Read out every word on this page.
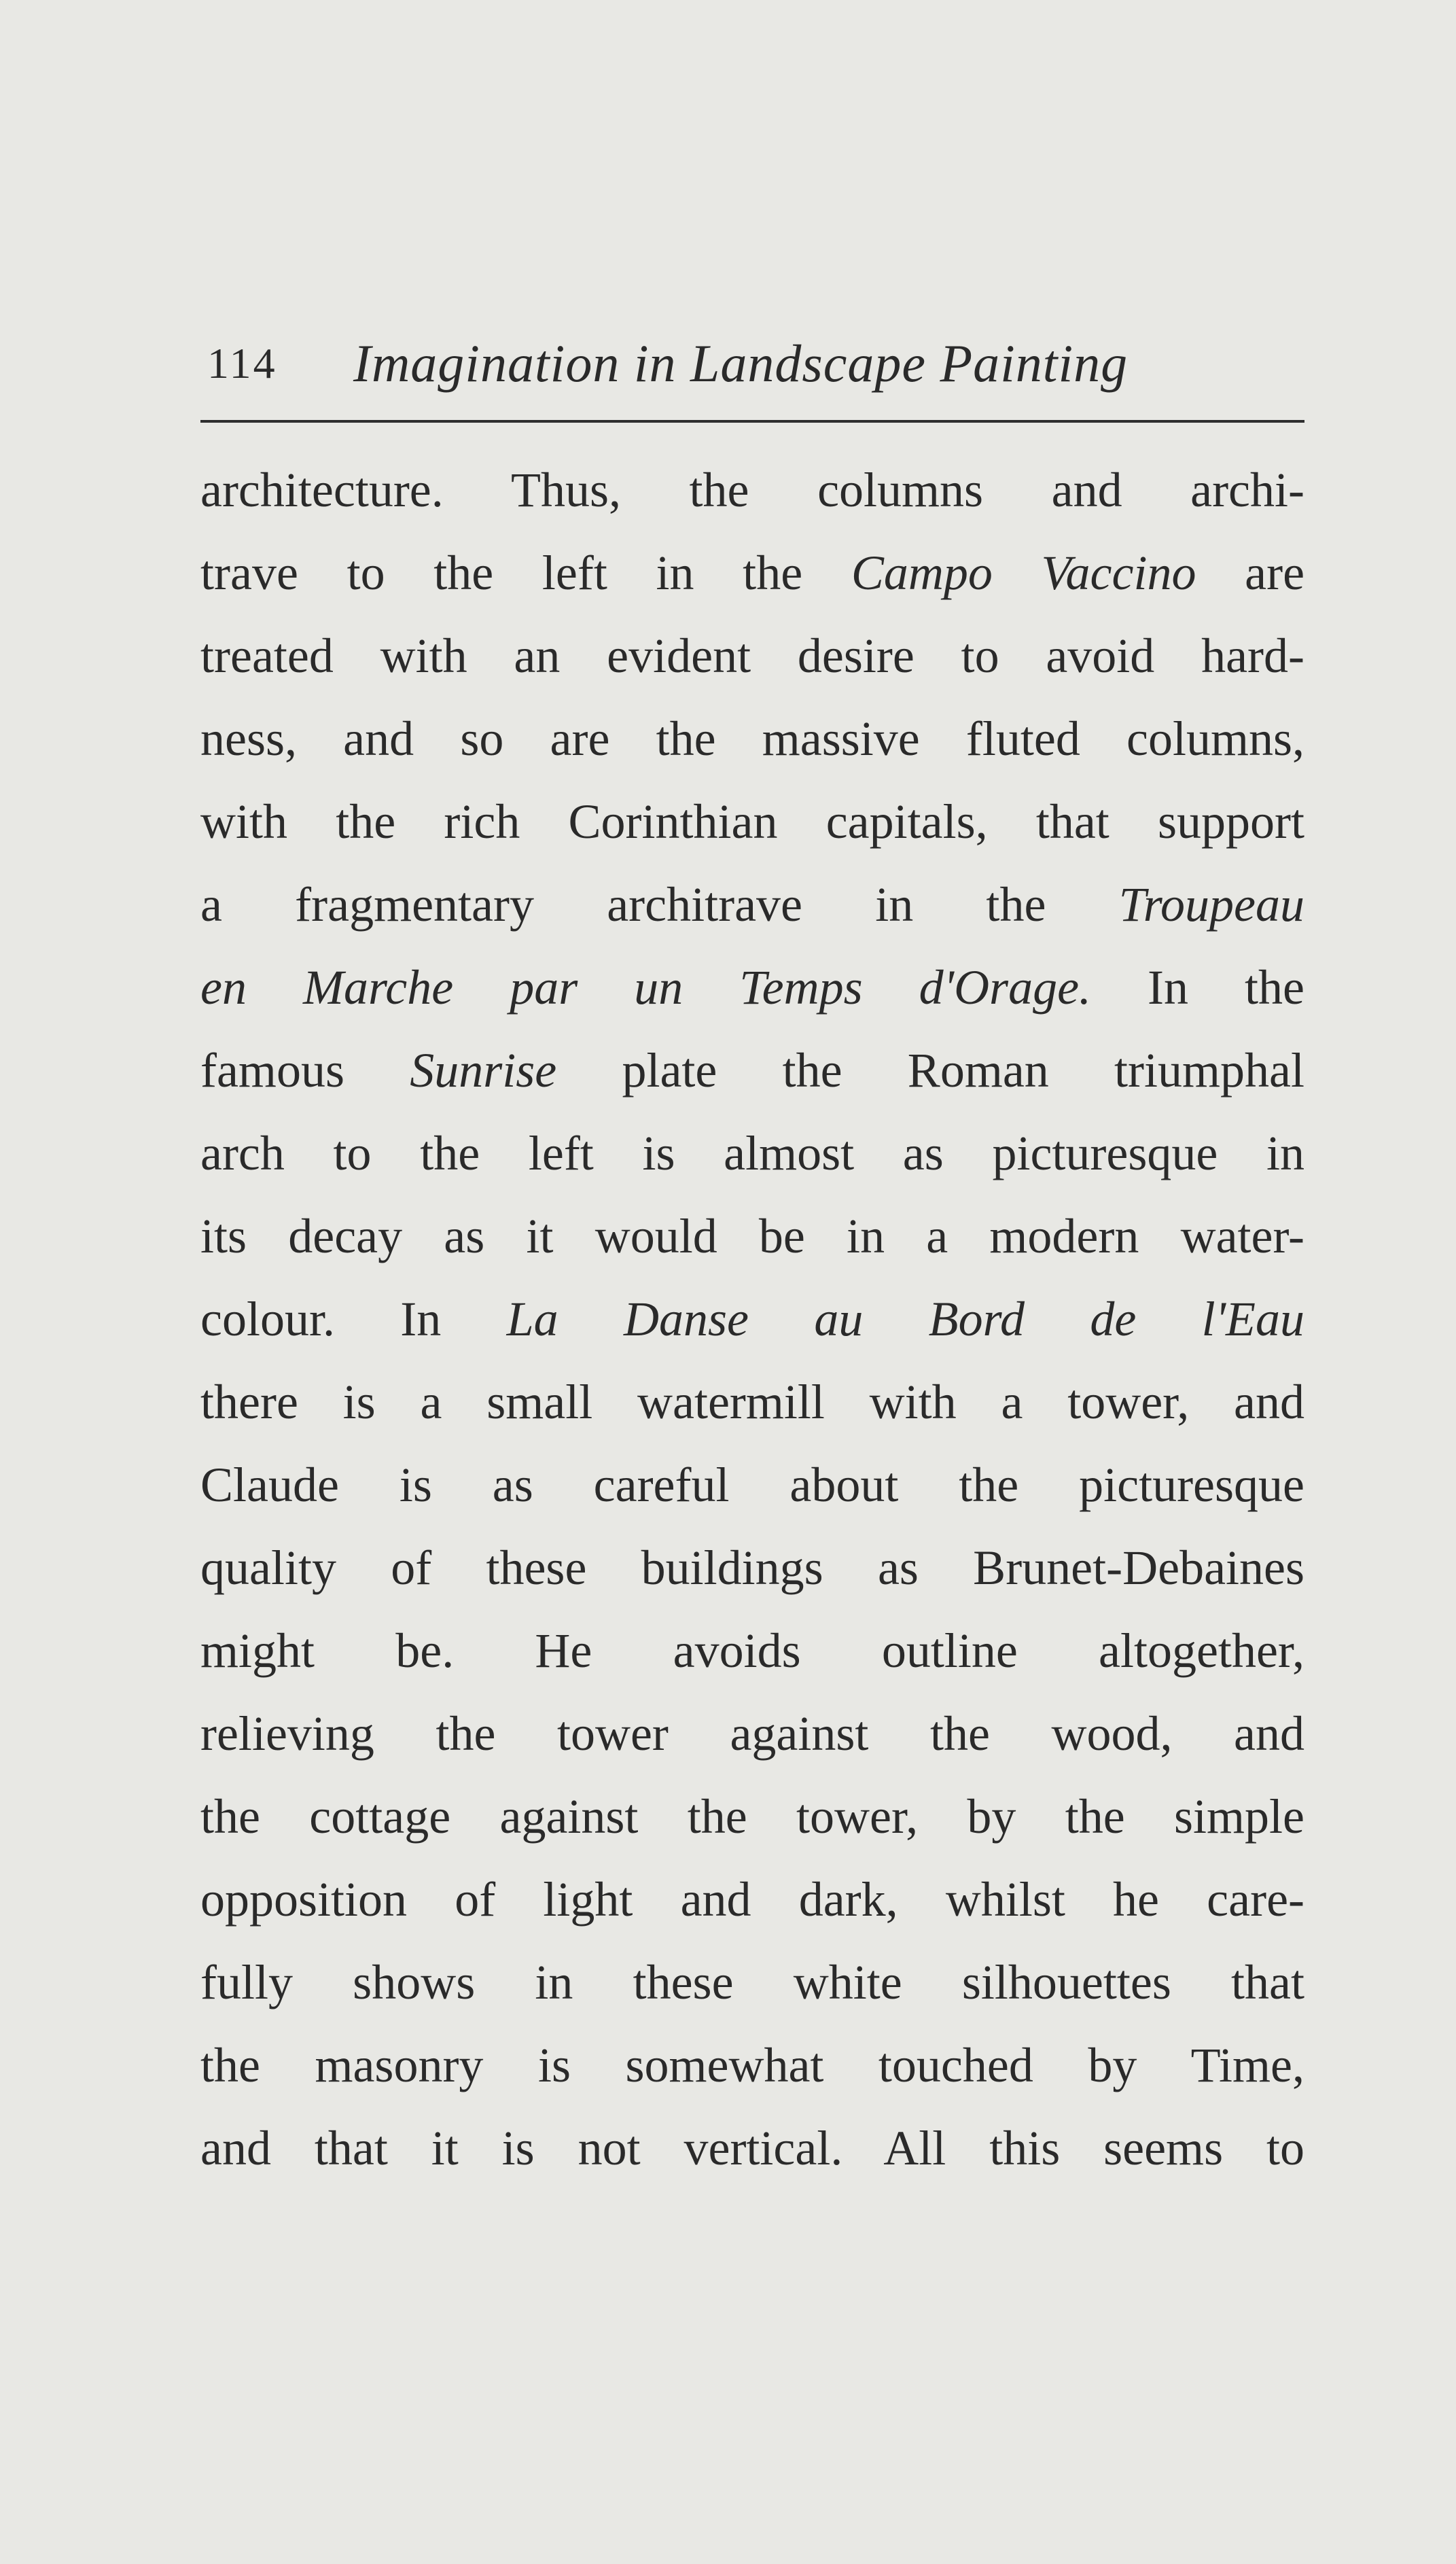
114 Imagination in Landscape Painting
architecture. Thus, the columns and archi-
trave to the left in the Campo Vaccino are
treated with an evident desire to avoid hard-
ness, and so are the massive fluted columns,
with the rich Corinthian capitals, that support
a fragmentary architrave in the Troupeau
en Marche par un Temps d'Orage. In the
famous Sunrise plate the Roman triumphal
arch to the left is almost as picturesque in
its decay as it would be in a modern water-
colour. In La Danse au Bord de l'Eau
there is a small watermill with a tower, and
Claude is as careful about the picturesque
quality of these buildings as Brunet-Debaines
might be. He avoids outline altogether,
relieving the tower against the wood, and
the cottage against the tower, by the simple
opposition of light and dark, whilst he care-
fully shows in these white silhouettes that
the masonry is somewhat touched by Time,
and that it is not vertical. All this seems to
